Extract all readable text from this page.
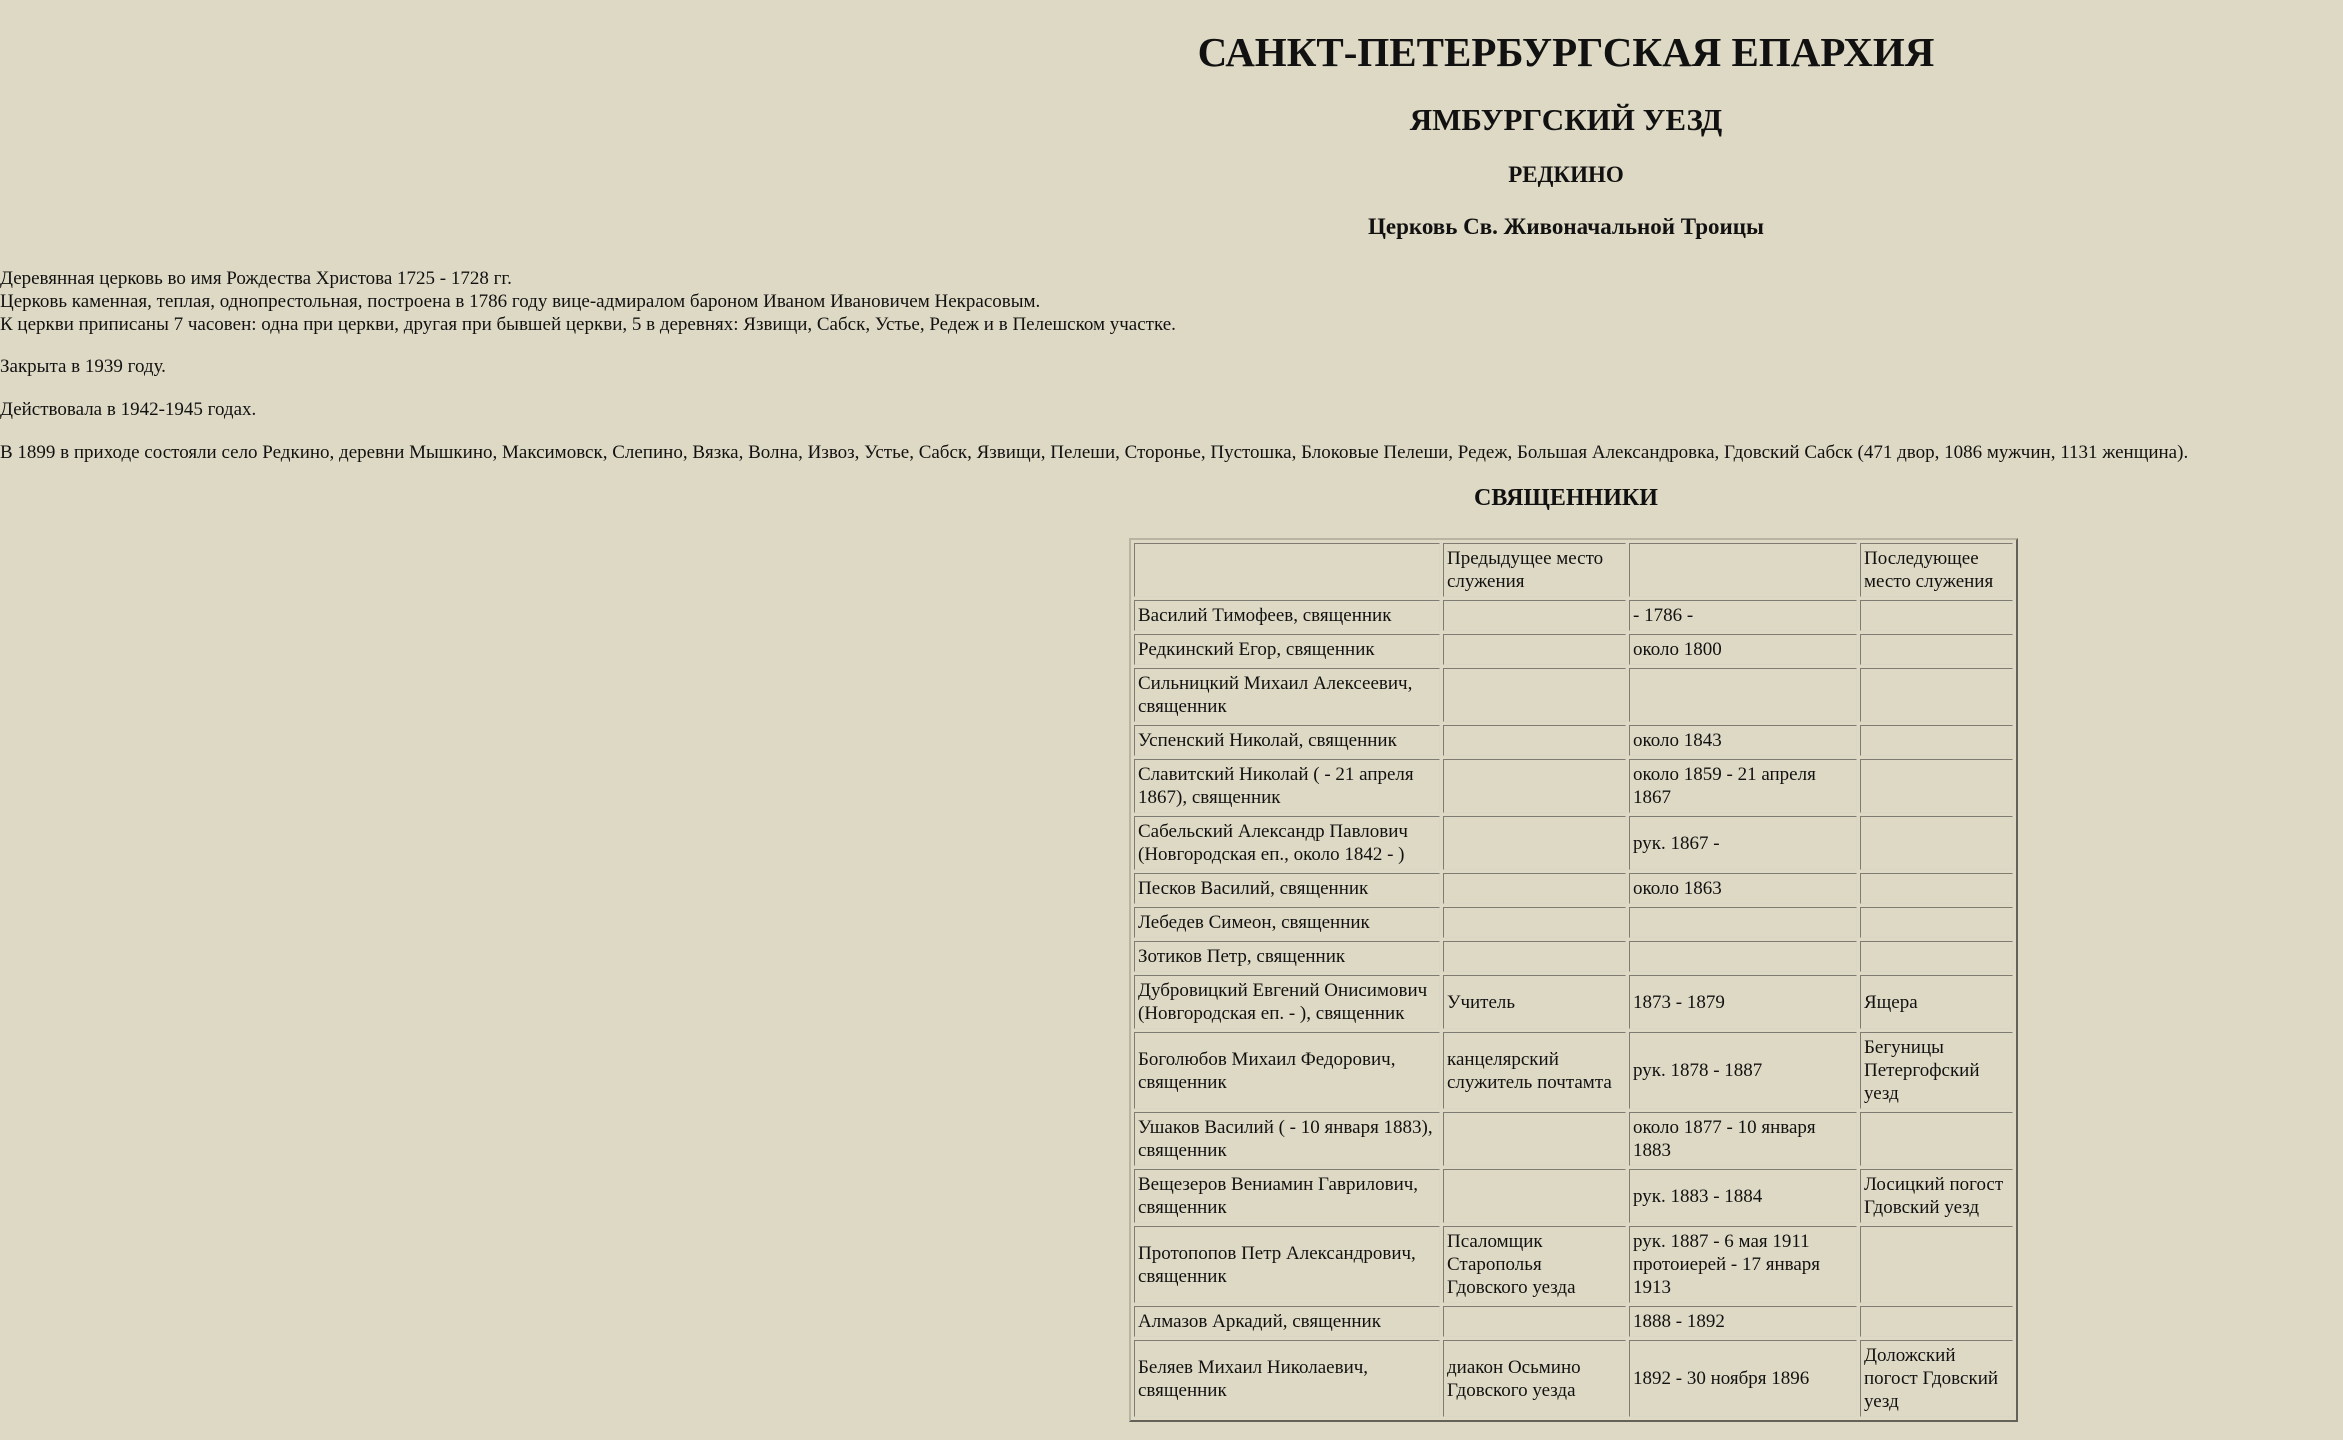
САНКТ-ПЕТЕРБУРГСКАЯ ЕПАРХИЯ
ЯМБУРГСКИЙ УЕЗД
РЕДКИНО
Церковь Св. Живоначальной Троицы
Деревянная церковь во имя Рождества Христова 1725 - 1728 гг.
Церковь каменная, теплая, однопрестольная, построена в 1786 году вице-адмиралом бароном Иваном Ивановичем Некрасовым.
К церкви приписаны 7 часовен: одна при церкви, другая при бывшей церкви, 5 в деревнях: Язвищи, Сабск, Устье, Редеж и в Пелешском участке.
Закрыта в 1939 году.
Действовала в 1942-1945 годах.
В 1899 в приходе состояли село Редкино, деревни Мышкино, Максимовск, Слепино, Вязка, Волна, Извоз, Устье, Сабск, Язвищи, Пелеши, Сторонье, Пустошка, Блоковые Пелеши, Редеж, Большая Александровка, Гдовский Сабск (471 двор, 1086 мужчин, 1131 женщина).
СВЯЩЕННИКИ
	Предыдущее место служения		Последующее место служения
Василий Тимофеев, священник		- 1786 -	
Редкинский Егор, священник		около 1800	
Сильницкий Михаил Алексеевич, священник			
Успенский Николай, священник		около 1843	
Славитский Николай ( - 21 апреля 1867), священник		около 1859 - 21 апреля 1867	
Сабельский Александр Павлович (Новгородская еп., около 1842 - )		рук. 1867 -	
Песков Василий, священник		около 1863	
Лебедев Симеон, священник			
Зотиков Петр, священник			
Дубровицкий Евгений Онисимович (Новгородская еп. - ), священник	Учитель	1873 - 1879	Ящера
Боголюбов Михаил Федорович, священник	канцелярский служитель почтамта	рук. 1878 - 1887	Бегуницы Петергофский уезд
Ушаков Василий ( - 10 января 1883), священник		около 1877 - 10 января 1883	
Вещезеров Вениамин Гаврилович, священник		рук. 1883 - 1884	Лосицкий погост Гдовский уезд
Протопопов Петр Александрович, священник	Псаломщик Старополья Гдовского уезда	рук. 1887 - 6 мая 1911 протоиерей - 17 января 1913	
Алмазов Аркадий, священник		1888 - 1892	
Беляев Михаил Николаевич, священник	диакон Осьмино Гдовского уезда	1892 - 30 ноября 1896	Доложский погост Гдовский уезд
